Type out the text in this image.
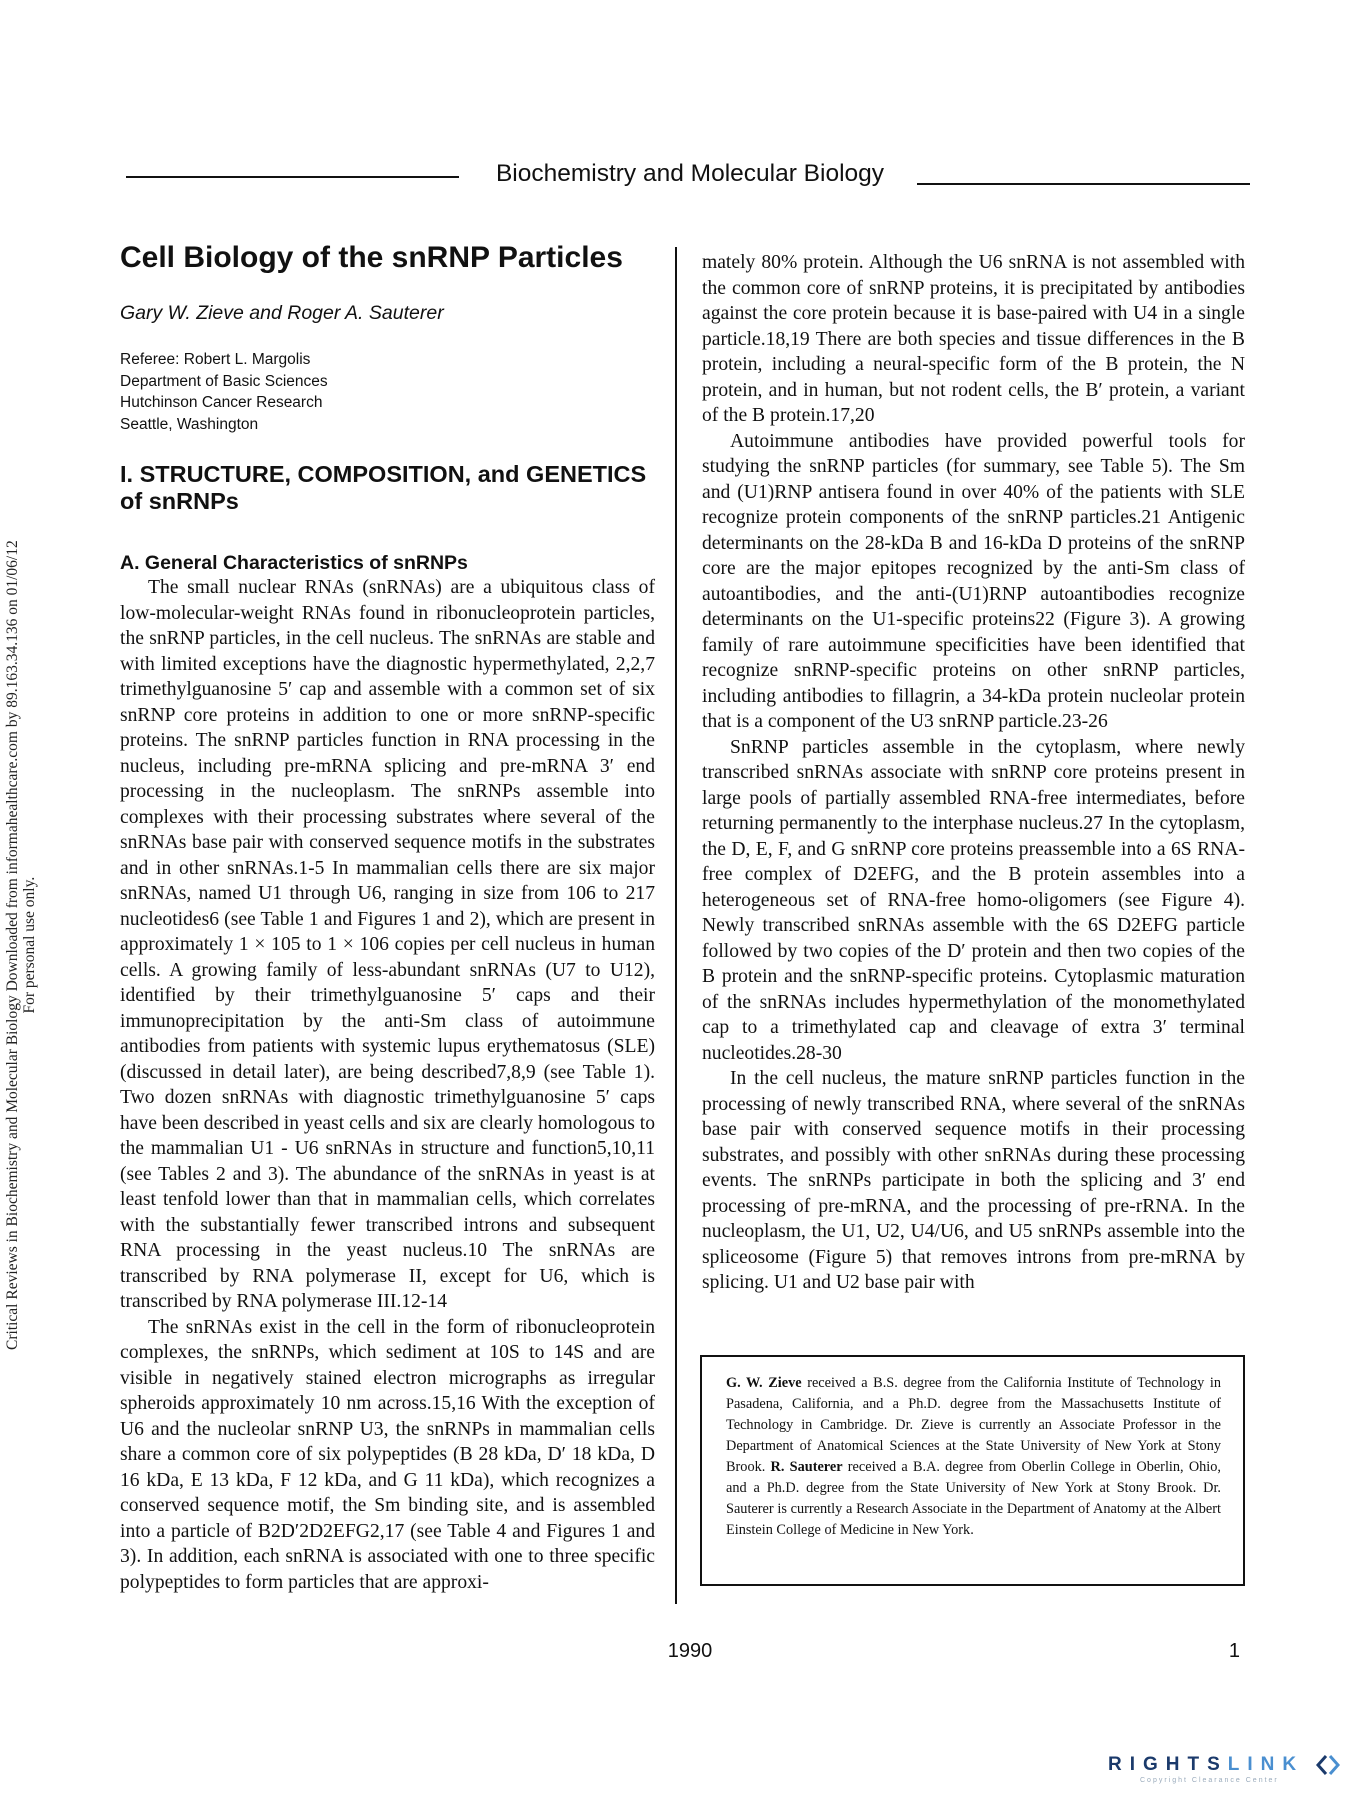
Critical Reviews in Biochemistry and Molecular Biology Downloaded from informahealthcare.com by 89.163.34.136 on 01/06/12 For personal use only.
Biochemistry and Molecular Biology
Cell Biology of the snRNP Particles
Gary W. Zieve and Roger A. Sauterer
Referee: Robert L. Margolis
Department of Basic Sciences
Hutchinson Cancer Research
Seattle, Washington
I. STRUCTURE, COMPOSITION, and GENETICS of snRNPs
A. General Characteristics of snRNPs

The small nuclear RNAs (snRNAs) are a ubiquitous class of low-molecular-weight RNAs found in ribonucleoprotein particles, the snRNP particles, in the cell nucleus. The snRNAs are stable and with limited exceptions have the diagnostic hypermethylated, 2,2,7 trimethylguanosine 5′ cap and assemble with a common set of six snRNP core proteins in addition to one or more snRNP-specific proteins. The snRNP particles function in RNA processing in the nucleus, including pre-mRNA splicing and pre-mRNA 3′ end processing in the nucleoplasm. The snRNPs assemble into complexes with their processing substrates where several of the snRNAs base pair with conserved sequence motifs in the substrates and in other snRNAs.1-5 In mammalian cells there are six major snRNAs, named U1 through U6, ranging in size from 106 to 217 nucleotides6 (see Table 1 and Figures 1 and 2), which are present in approximately 1 × 105 to 1 × 106 copies per cell nucleus in human cells. A growing family of less-abundant snRNAs (U7 to U12), identified by their trimethylguanosine 5′ caps and their immunoprecipitation by the anti-Sm class of autoimmune antibodies from patients with systemic lupus erythematosus (SLE) (discussed in detail later), are being described7,8,9 (see Table 1). Two dozen snRNAs with diagnostic trimethylguanosine 5′ caps have been described in yeast cells and six are clearly homologous to the mammalian U1 - U6 snRNAs in structure and function5,10,11 (see Tables 2 and 3). The abundance of the snRNAs in yeast is at least tenfold lower than that in mammalian cells, which correlates with the substantially fewer transcribed introns and subsequent RNA processing in the yeast nucleus.10 The snRNAs are transcribed by RNA polymerase II, except for U6, which is transcribed by RNA polymerase III.12-14

The snRNAs exist in the cell in the form of ribonucleoprotein complexes, the snRNPs, which sediment at 10S to 14S and are visible in negatively stained electron micrographs as irregular spheroids approximately 10 nm across.15,16 With the exception of U6 and the nucleolar snRNP U3, the snRNPs in mammalian cells share a common core of six polypeptides (B 28 kDa, D′ 18 kDa, D 16 kDa, E 13 kDa, F 12 kDa, and G 11 kDa), which recognizes a conserved sequence motif, the Sm binding site, and is assembled into a particle of B2D′2D2EFG2,17 (see Table 4 and Figures 1 and 3). In addition, each snRNA is associated with one to three specific polypeptides to form particles that are approxi-

mately 80% protein. Although the U6 snRNA is not assembled with the common core of snRNP proteins, it is precipitated by antibodies against the core protein because it is base-paired with U4 in a single particle.18,19 There are both species and tissue differences in the B protein, including a neural-specific form of the B protein, the N protein, and in human, but not rodent cells, the B′ protein, a variant of the B protein.17,20

Autoimmune antibodies have provided powerful tools for studying the snRNP particles (for summary, see Table 5). The Sm and (U1)RNP antisera found in over 40% of the patients with SLE recognize protein components of the snRNP particles.21 Antigenic determinants on the 28-kDa B and 16-kDa D proteins of the snRNP core are the major epitopes recognized by the anti-Sm class of autoantibodies, and the anti-(U1)RNP autoantibodies recognize determinants on the U1-specific proteins22 (Figure 3). A growing family of rare autoimmune specificities have been identified that recognize snRNP-specific proteins on other snRNP particles, including antibodies to fillagrin, a 34-kDa protein nucleolar protein that is a component of the U3 snRNP particle.23-26

SnRNP particles assemble in the cytoplasm, where newly transcribed snRNAs associate with snRNP core proteins present in large pools of partially assembled RNA-free intermediates, before returning permanently to the interphase nucleus.27 In the cytoplasm, the D, E, F, and G snRNP core proteins preassemble into a 6S RNA-free complex of D2EFG, and the B protein assembles into a heterogeneous set of RNA-free homo-oligomers (see Figure 4). Newly transcribed snRNAs assemble with the 6S D2EFG particle followed by two copies of the D′ protein and then two copies of the B protein and the snRNP-specific proteins. Cytoplasmic maturation of the snRNAs includes hypermethylation of the monomethylated cap to a trimethylated cap and cleavage of extra 3′ terminal nucleotides.28-30

In the cell nucleus, the mature snRNP particles function in the processing of newly transcribed RNA, where several of the snRNAs base pair with conserved sequence motifs in their processing substrates, and possibly with other snRNAs during these processing events. The snRNPs participate in both the splicing and 3′ end processing of pre-mRNA, and the processing of pre-rRNA. In the nucleoplasm, the U1, U2, U4/U6, and U5 snRNPs assemble into the spliceosome (Figure 5) that removes introns from pre-mRNA by splicing. U1 and U2 base pair with

G. W. Zieve received a B.S. degree from the California Institute of Technology in Pasadena, California, and a Ph.D. degree from the Massachusetts Institute of Technology in Cambridge. Dr. Zieve is currently an Associate Professor in the Department of Anatomical Sciences at the State University of New York at Stony Brook. R. Sauterer received a B.A. degree from Oberlin College in Oberlin, Ohio, and a Ph.D. degree from the State University of New York at Stony Brook. Dr. Sauterer is currently a Research Associate in the Department of Anatomy at the Albert Einstein College of Medicine in New York.

1990	1
RIGHTSLINK
Copyright Clearance Center
